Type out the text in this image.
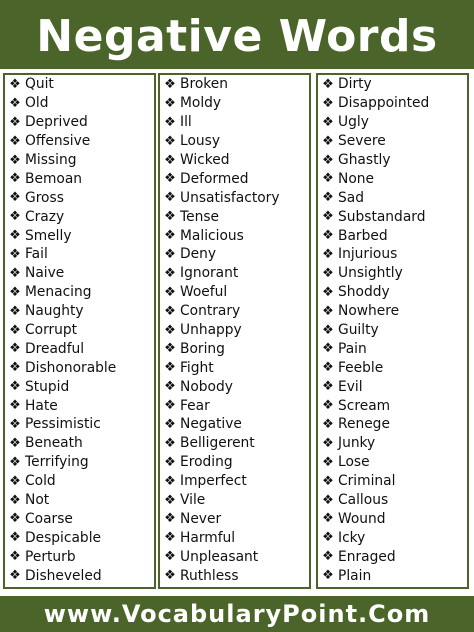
Negative Words
❖ Quit
❖ Old
❖ Deprived
❖ Offensive
❖ Missing
❖ Bemoan
❖ Gross
❖ Crazy
❖ Smelly
❖ Fail
❖ Naive
❖ Menacing
❖ Naughty
❖ Corrupt
❖ Dreadful
❖ Dishonorable
❖ Stupid
❖ Hate
❖ Pessimistic
❖ Beneath
❖ Terrifying
❖ Cold
❖ Not
❖ Coarse
❖ Despicable
❖ Perturb
❖ Disheveled
❖ Broken
❖ Moldy
❖ Ill
❖ Lousy
❖ Wicked
❖ Deformed
❖ Unsatisfactory
❖ Tense
❖ Malicious
❖ Deny
❖ Ignorant
❖ Woeful
❖ Contrary
❖ Unhappy
❖ Boring
❖ Fight
❖ Nobody
❖ Fear
❖ Negative
❖ Belligerent
❖ Eroding
❖ Imperfect
❖ Vile
❖ Never
❖ Harmful
❖ Unpleasant
❖ Ruthless
❖ Dirty
❖ Disappointed
❖ Ugly
❖ Severe
❖ Ghastly
❖ None
❖ Sad
❖ Substandard
❖ Barbed
❖ Injurious
❖ Unsightly
❖ Shoddy
❖ Nowhere
❖ Guilty
❖ Pain
❖ Feeble
❖ Evil
❖ Scream
❖ Renege
❖ Junky
❖ Lose
❖ Criminal
❖ Callous
❖ Wound
❖ Icky
❖ Enraged
❖ Plain
www.VocabularyPoint.Com
